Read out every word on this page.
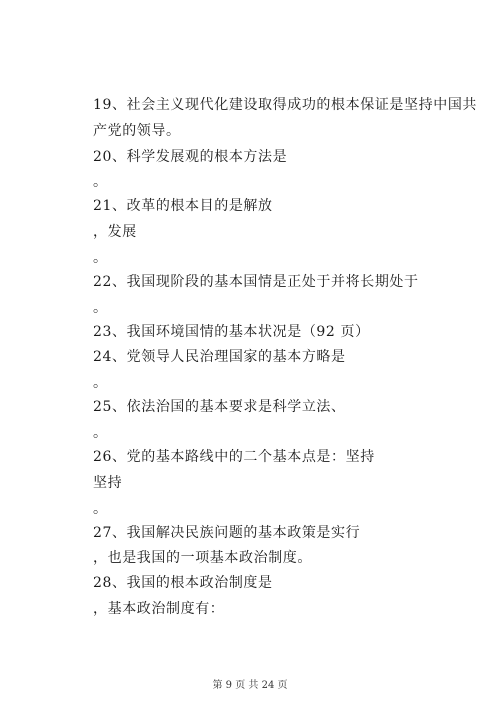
19、社会主义现代化建设取得成功的根本保证是坚持中国共
产党的领导。
20、科学发展观的根本方法是
。
21、改革的根本目的是解放
，发展
。
22、我国现阶段的基本国情是正处于并将长期处于
。
23、我国环境国情的基本状况是（92 页）
24、党领导人民治理国家的基本方略是
。
25、依法治国的基本要求是科学立法、
。
26、党的基本路线中的二个基本点是：坚持
坚持
。
27、我国解决民族问题的基本政策是实行
，也是我国的一项基本政治制度。
28、我国的根本政治制度是
，基本政治制度有：
第 9 页 共 24 页
